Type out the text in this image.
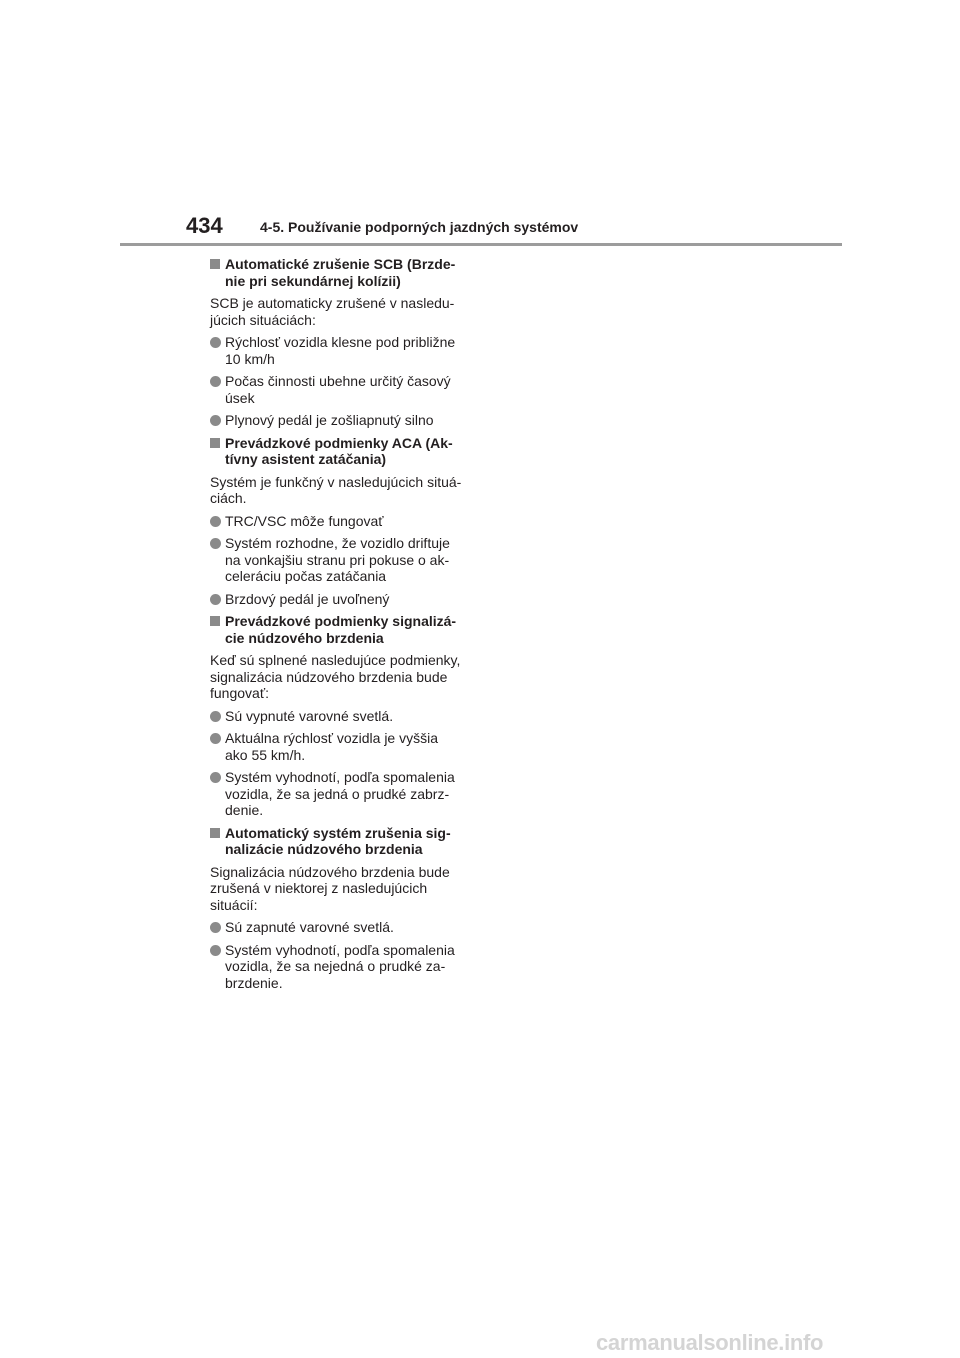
434	4-5. Používanie podporných jazdných systémov
Automatické zrušenie SCB (Brzde-
nie pri sekundárnej kolízii)
SCB je automaticky zrušené v nasledu-
júcich situáciách:
Rýchlosť vozidla klesne pod približne
10 km/h
Počas činnosti ubehne určitý časový
úsek
Plynový pedál je zošliapnutý silno
Prevádzkové podmienky ACA (Ak-
tívny asistent zatáčania)
Systém je funkčný v nasledujúcich situá-
ciách.
TRC/VSC môže fungovať
Systém rozhodne, že vozidlo driftuje
na vonkajšiu stranu pri pokuse o ak-
celeráciu počas zatáčania
Brzdový pedál je uvoľnený
Prevádzkové podmienky signalizá-
cie núdzového brzdenia
Keď sú splnené nasledujúce podmienky,
signalizácia núdzového brzdenia bude
fungovať:
Sú vypnuté varovné svetlá.
Aktuálna rýchlosť vozidla je vyššia
ako 55 km/h.
Systém vyhodnotí, podľa spomalenia
vozidla, že sa jedná o prudké zabrz-
denie.
Automatický systém zrušenia sig-
nalizácie núdzového brzdenia
Signalizácia núdzového brzdenia bude
zrušená v niektorej z nasledujúcich
situácií:
Sú zapnuté varovné svetlá.
Systém vyhodnotí, podľa spomalenia
vozidla, že sa nejedná o prudké za-
brzdenie.
carmanualsonline.info
